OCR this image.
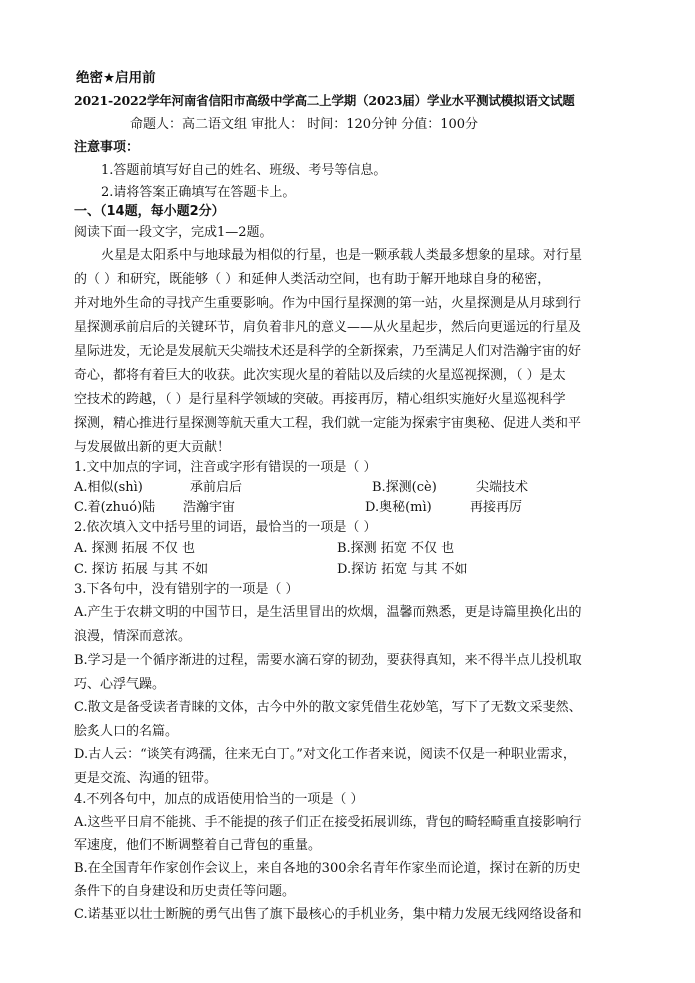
绝密★启用前
2021-2022学年河南省信阳市高级中学高二上学期（2023届）学业水平测试模拟语文试题
命题人：高二语文组 审批人： 时间：120分钟 分值：100分
注意事项：
1.答题前填写好自己的姓名、班级、考号等信息。
2.请将答案正确填写在答题卡上。
一、（14题，每小题2分）
阅读下面一段文字，完成1—2题。
火星是太阳系中与地球最为相似的行星，也是一颗承载人类最多想象的星球。对行星
的（ ）和研究，既能够（ ）和延伸人类活动空间，也有助于解开地球自身的秘密，
并对地外生命的寻找产生重要影响。作为中国行星探测的第一站，火星探测是从月球到行
星探测承前启后的关键环节，肩负着非凡的意义——从火星起步，然后向更遥远的行星及
星际进发，无论是发展航天尖端技术还是科学的全新探索，乃至满足人们对浩瀚宇宙的好
奇心，都将有着巨大的收获。此次实现火星的着陆以及后续的火星巡视探测，（ ）是太
空技术的跨越，（ ）是行星科学领域的突破。再接再厉，精心组织实施好火星巡视科学
探测，精心推进行星探测等航天重大工程，我们就一定能为探索宇宙奥秘、促进人类和平
与发展做出新的更大贡献！
1.文中加点的字词，注音或字形有错误的一项是（ ）
A.相似(shì)	承前启后	B.探测(cè)	尖端技术
C.着(zhuó)陆 浩瀚宇宙	D.奥秘(mì)	再接再厉
2.依次填入文中括号里的词语，最恰当的一项是（ ）
A. 探测 拓展 不仅 也	B.探测 拓宽 不仅 也
C. 探访 拓展 与其 不如	D.探访 拓宽 与其 不如
3.下各句中，没有错别字的一项是（ ）
A.产生于农耕文明的中国节日，是生活里冒出的炊烟，温馨而熟悉，更是诗篇里换化出的
浪漫，情深而意浓。
B.学习是一个循序渐进的过程，需要水滴石穿的韧劲，要获得真知，来不得半点儿投机取
巧、心浮气躁。
C.散文是备受读者青睐的文体，古今中外的散文家凭借生花妙笔，写下了无数文采斐然、
脍炙人口的名篇。
D.古人云：“谈笑有鸿孺，往来无白丁。”对文化工作者来说，阅读不仅是一种职业需求，
更是交流、沟通的钮带。
4.不列各句中，加点的成语使用恰当的一项是（ ）
A.这些平日肩不能挑、手不能提的孩子们正在接受拓展训练，背包的畸轻畸重直接影响行
军速度，他们不断调整着自己背包的重量。
B.在全国青年作家创作会议上，来自各地的300余名青年作家坐而论道，探讨在新的历史
条件下的自身建设和历史责任等问题。
C.诺基亚以壮士断腕的勇气出售了旗下最核心的手机业务，集中精力发展无线网络设备和
